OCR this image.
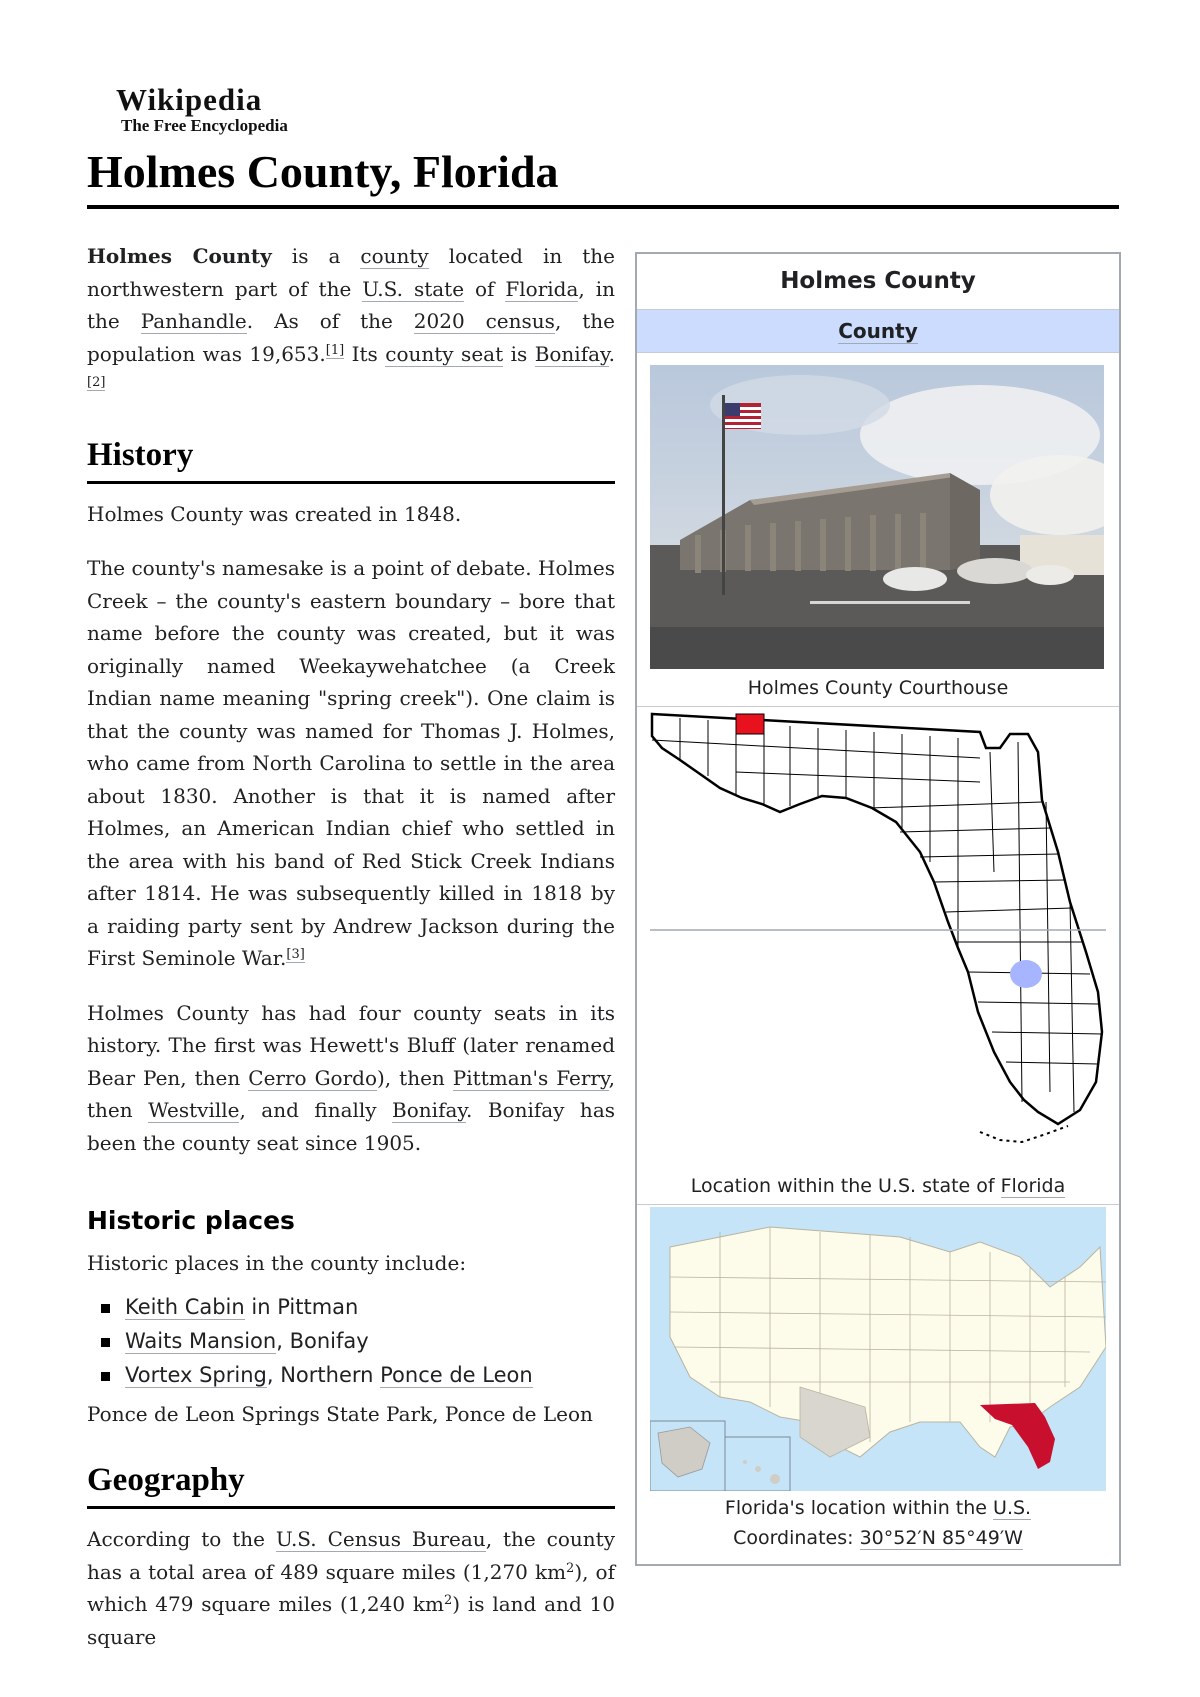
Wikipedia
The Free Encyclopedia
Holmes County, Florida

Holmes County is a county located in the northwestern part of the U.S. state of Florida, in the Panhandle. As of the 2020 census, the population was 19,653.[1] Its county seat is Bonifay.[2]

History

Holmes County was created in 1848.

The county's namesake is a point of debate. Holmes Creek – the county's eastern boundary – bore that name before the county was created, but it was originally named Weekaywehatchee (a Creek Indian name meaning "spring creek"). One claim is that the county was named for Thomas J. Holmes, who came from North Carolina to settle in the area about 1830. Another is that it is named after Holmes, an American Indian chief who settled in the area with his band of Red Stick Creek Indians after 1814. He was subsequently killed in 1818 by a raiding party sent by Andrew Jackson during the First Seminole War.[3]

Holmes County has had four county seats in its history. The first was Hewett's Bluff (later renamed Bear Pen, then Cerro Gordo), then Pittman's Ferry, then Westville, and finally Bonifay. Bonifay has been the county seat since 1905.

Historic places

Historic places in the county include:

Keith Cabin in Pittman
Waits Mansion, Bonifay
Vortex Spring, Northern Ponce de Leon

Ponce de Leon Springs State Park, Ponce de Leon

Geography

According to the U.S. Census Bureau, the county has a total area of 489 square miles (1,270 $km^2$), of which 479 square miles (1,240 $km^2$) is land and 10 square

Holmes County
County
Holmes County Courthouse
Location within the U.S. state of Florida
Florida's location within the U.S.
Coordinates: 30°52′N 85°49′W
